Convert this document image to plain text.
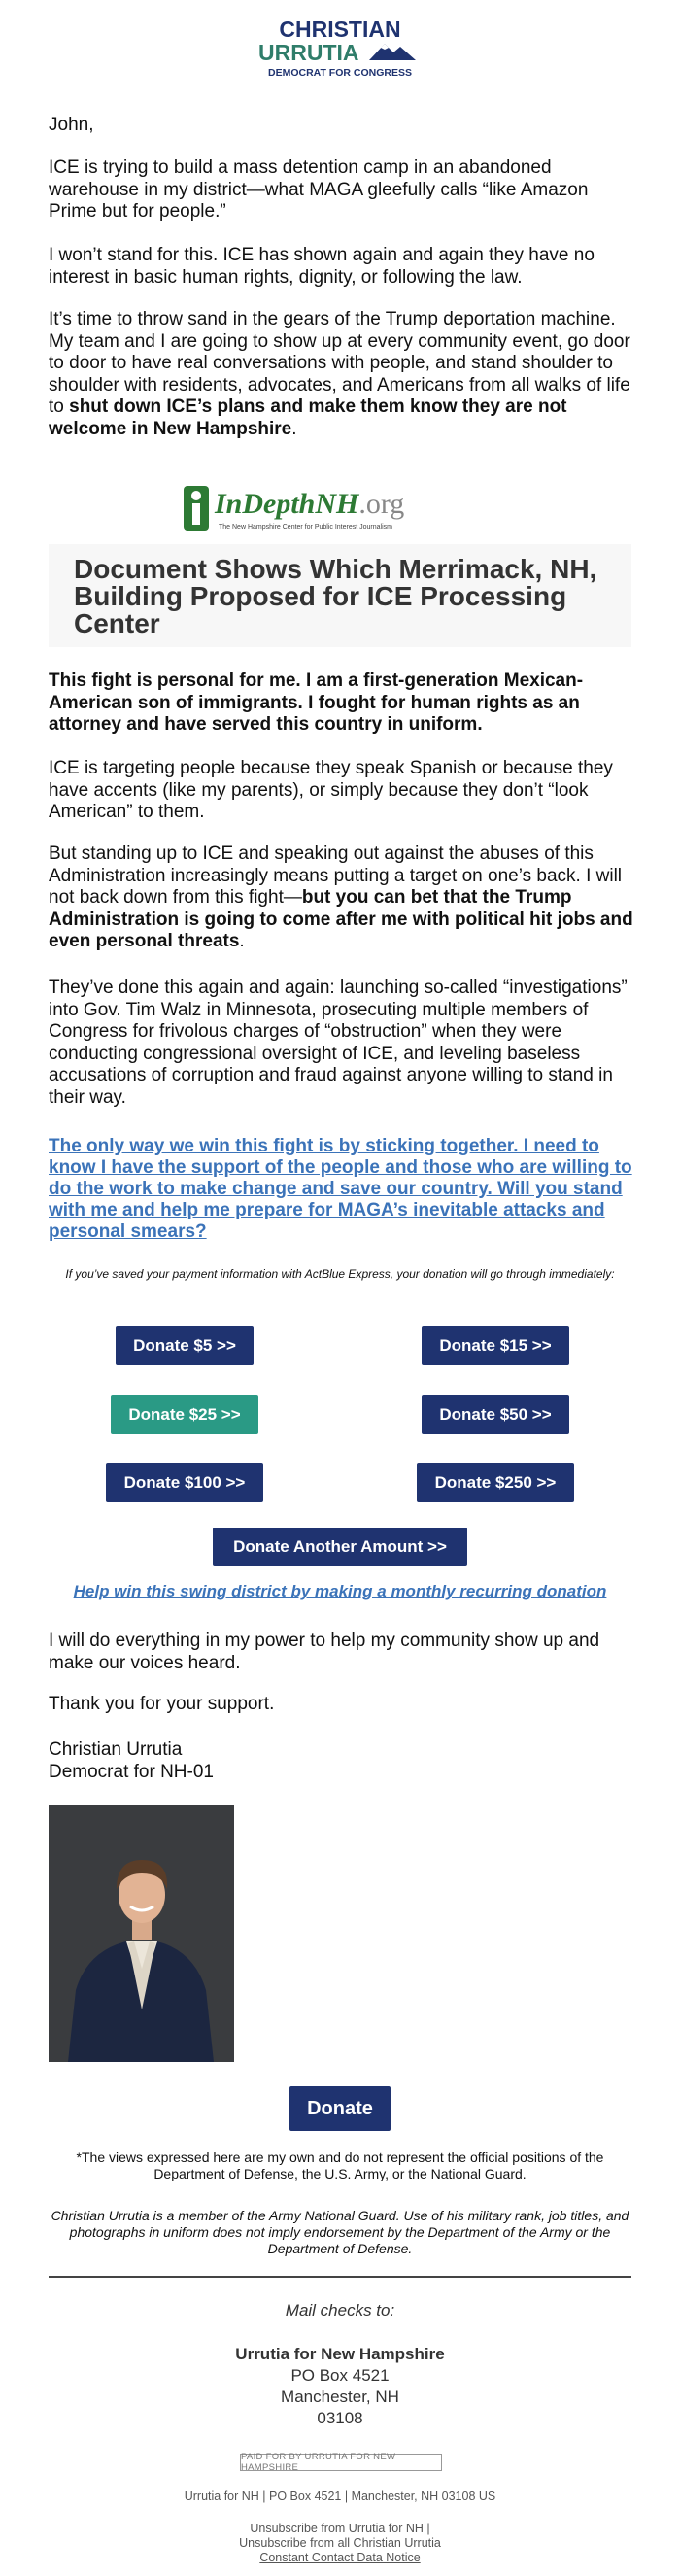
CHRISTIAN
URRUTIA
DEMOCRAT FOR CONGRESS

John,

ICE is trying to build a mass detention camp in an abandoned warehouse in my district—what MAGA gleefully calls “like Amazon Prime but for people.”

I won’t stand for this. ICE has shown again and again they have no interest in basic human rights, dignity, or following the law.

It’s time to throw sand in the gears of the Trump deportation machine. My team and I are going to show up at every community event, go door to door to have real conversations with people, and stand shoulder to shoulder with residents, advocates, and Americans from all walks of life to shut down ICE’s plans and make them know they are not welcome in New Hampshire.

InDepthNH.org
The New Hampshire Center for Public Interest Journalism
Document Shows Which Merrimack, NH, Building Proposed for ICE Processing Center

This fight is personal for me. I am a first-generation Mexican-American son of immigrants. I fought for human rights as an attorney and have served this country in uniform.

ICE is targeting people because they speak Spanish or because they have accents (like my parents), or simply because they don’t “look American” to them.

But standing up to ICE and speaking out against the abuses of this Administration increasingly means putting a target on one’s back. I will not back down from this fight—but you can bet that the Trump Administration is going to come after me with political hit jobs and even personal threats.

They’ve done this again and again: launching so-called “investigations” into Gov. Tim Walz in Minnesota, prosecuting multiple members of Congress for frivolous charges of “obstruction” when they were conducting congressional oversight of ICE, and leveling baseless accusations of corruption and fraud against anyone willing to stand in their way.

The only way we win this fight is by sticking together. I need to know I have the support of the people and those who are willing to do the work to make change and save our country. Will you stand with me and help me prepare for MAGA’s inevitable attacks and personal smears?
If you’ve saved your payment information with ActBlue Express, your donation will go through immediately:
Donate $5 >>	Donate $15 >>
Donate $25 >>	Donate $50 >>
Donate $100 >>	Donate $250 >>
Donate Another Amount >>
Help win this swing district by making a monthly recurring donation

I will do everything in my power to help my community show up and make our voices heard.

Thank you for your support.

Christian Urrutia

Democrat for NH-01

Donate

*The views expressed here are my own and do not represent the official positions of the Department of Defense, the U.S. Army, or the National Guard.

Christian Urrutia is a member of the Army National Guard. Use of his military rank, job titles, and photographs in uniform does not imply endorsement by the Department of the Army or the Department of Defense.

Mail checks to:
Urrutia for New Hampshire
PO Box 4521
Manchester, NH
03108
PAID FOR BY URRUTIA FOR NEW HAMPSHIRE
Urrutia for NH | PO Box 4521 | Manchester, NH 03108 US
Unsubscribe from Urrutia for NH |
Unsubscribe from all Christian Urrutia
Constant Contact Data Notice
